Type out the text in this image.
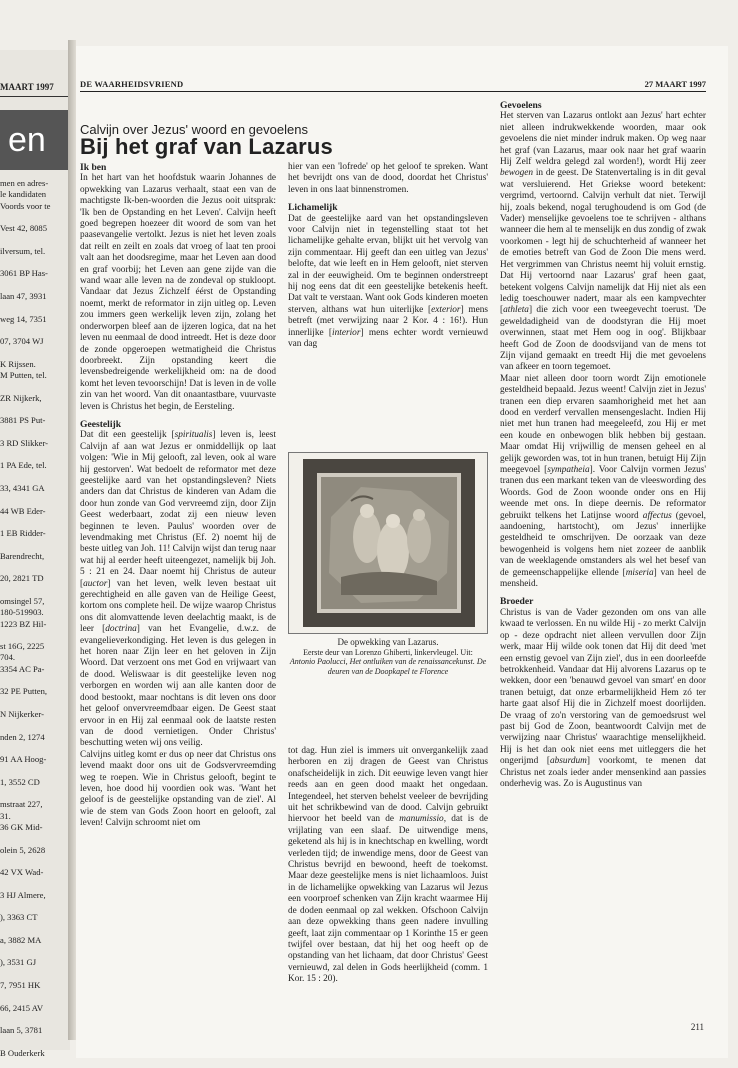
MAART 1997
en
men en adres-
le kandidaten
Voords voor te

Vest 42, 8085

ilversum, tel.

3061 BP Has-

laan 47, 3931

weg 14, 7351

07, 3704 WJ

K Rijssen.
M Putten, tel.

ZR Nijkerk,

3881 PS Put-

3 RD Slikker-

1 PA Ede, tel.

33, 4341 GA

44 WB Eder-

1 EB Ridder-

Barendrecht,

20, 2821 TD

omsingel 57,
180-519903.
1223 BZ Hil-

st 16G, 2225
704.
3354 AC Pa-

32 PE Putten,

N Nijkerker-

nden 2, 1274

91 AA Hoog-

1, 3552 CD

mstraat 227,
31.
36 GK Mid-

olein 5, 2628

42 VX Wad-

3 HJ Almere,

), 3363 CT

a, 3882 MA

), 3531 GJ

7, 7951 HK

66, 2415 AV

laan 5, 3781

B Ouderkerk
DE WAARHEIDSVRIEND	27 MAART 1997
Calvijn over Jezus' woord en gevoelens
Bij het graf van Lazarus
Ik ben

In het hart van het hoofdstuk waarin Johannes de opwekking van Lazarus verhaalt, staat een van de machtigste Ik-ben-woorden die Jezus ooit uitsprak: 'Ik ben de Opstanding en het Leven'. Calvijn heeft goed begrepen hoezeer dit woord de som van het paasevangelie vertolkt. Jezus is niet het leven zoals dat reilt en zeilt en zoals dat vroeg of laat ten prooi valt aan het doodsregime, maar het Leven aan dood en graf voorbij; het Leven aan gene zijde van die wand waar alle leven na de zondeval op stukloopt. Vandaar dat Jezus Zichzelf éérst de Opstanding noemt, merkt de reformator in zijn uitleg op. Leven zou immers geen werkelijk leven zijn, zolang het onderworpen bleef aan de ijzeren logica, dat na het leven nu eenmaal de dood intreedt. Het is deze door de zonde opgeroepen wetmatigheid die Christus doorbreekt. Zijn opstanding keert die levensbedreigende werkelijkheid om: na de dood komt het leven tevoorschijn! Dat is leven in de volle zin van het woord. Van dit onaantastbare, vuurvaste leven is Christus het begin, de Eersteling.

Geestelijk

Dat dit een geestelijk [spiritualis] leven is, leest Calvijn af aan wat Jezus er onmiddellijk op laat volgen: 'Wie in Mij gelooft, zal leven, ook al ware hij gestorven'. Wat bedoelt de reformator met deze geestelijke aard van het opstandingsleven? Niets anders dan dat Christus de kinderen van Adam die door hun zonde van God vervreemd zijn, door Zijn Geest wederbaart, zodat zij een nieuw leven beginnen te leven. Paulus' woorden over de levendmaking met Christus (Ef. 2) noemt hij de beste uitleg van Joh. 11! Calvijn wijst dan terug naar wat hij al eerder heeft uiteengezet, namelijk bij Joh. 5 : 21 en 24. Daar noemt hij Christus de auteur [auctor] van het leven, welk leven bestaat uit gerechtigheid en alle gaven van de Heilige Geest, kortom ons complete heil. De wijze waarop Christus ons dit alomvattende leven deelachtig maakt, is de leer [doctrina] van het Evangelie, d.w.z. de evangelieverkondiging. Het leven is dus gelegen in het horen naar Zijn leer en het geloven in Zijn Woord. Dat verzoent ons met God en vrijwaart van de dood. Weliswaar is dit geestelijke leven nog verborgen en worden wij aan alle kanten door de dood bestookt, maar nochtans is dit leven ons door het geloof onvervreemdbaar eigen. De Geest staat ervoor in en Hij zal eenmaal ook de laatste resten van de dood vernietigen. Onder Christus' beschutting weten wij ons veilig.

Calvijns uitleg komt er dus op neer dat Christus ons levend maakt door ons uit de Godsvervreemding weg te roepen. Wie in Christus gelooft, begint te leven, hoe dood hij voordien ook was. 'Want het geloof is de geestelijke opstanding van de ziel'. Al wie de stem van Gods Zoon hoort en gelooft, zal leven! Calvijn schroomt niet om

hier van een 'lofrede' op het geloof te spreken. Want het bevrijdt ons van de dood, doordat het Christus' leven in ons laat binnenstromen.

Lichamelijk

Dat de geestelijke aard van het opstandingsleven voor Calvijn niet in tegenstelling staat tot het lichamelijke gehalte ervan, blijkt uit het vervolg van zijn commentaar. Hij geeft dan een uitleg van Jezus' belofte, dat wie leeft en in Hem gelooft, niet sterven zal in der eeuwigheid. Om te beginnen onderstreept hij nog eens dat dit een geestelijke betekenis heeft. Dat valt te verstaan. Want ook Gods kinderen moeten sterven, althans wat hun uiterlijke [exterior] mens betreft (met verwijzing naar 2 Kor. 4 : 16!). Hun innerlijke [interior] mens echter wordt vernieuwd van dag

De opwekking van Lazarus.
Eerste deur van Lorenzo Ghiberti, linkervleugel. Uit:
Antonio Paolucci, Het ontluiken van de renaissancekunst. De deuren van de Doopkapel te Florence

tot dag. Hun ziel is immers uit onvergankelijk zaad herboren en zij dragen de Geest van Christus onafscheidelijk in zich. Dit eeuwige leven vangt hier reeds aan en geen dood maakt het ongedaan. Integendeel, het sterven behelst veeleer de bevrijding uit het schrikbewind van de dood. Calvijn gebruikt hiervoor het beeld van de manumissio, dat is de vrijlating van een slaaf. De uitwendige mens, geketend als hij is in knechtschap en kwelling, wordt verleden tijd; de inwendige mens, door de Geest van Christus bevrijd en bewoond, heeft de toekomst. Maar deze geestelijke mens is niet lichaamloos. Juist in de lichamelijke opwekking van Lazarus wil Jezus een voorproef schenken van Zijn kracht waarmee Hij de doden eenmaal op zal wekken. Ofschoon Calvijn aan deze opwekking thans geen nadere invulling geeft, laat zijn commentaar op 1 Korinthe 15 er geen twijfel over bestaan, dat hij het oog heeft op de opstanding van het lichaam, dat door Christus' Geest vernieuwd, zal delen in Gods heerlijkheid (comm. 1 Kor. 15 : 20).

Gevoelens

Het sterven van Lazarus ontlokt aan Jezus' hart echter niet alleen indrukwekkende woorden, maar ook gevoelens die niet minder indruk maken. Op weg naar het graf (van Lazarus, maar ook naar het graf waarin Hij Zelf weldra gelegd zal worden!), wordt Hij zeer bewogen in de geest. De Statenvertaling is in dit geval wat versluierend. Het Griekse woord betekent: vergrimd, vertoornd. Calvijn verhult dat niet. Terwijl hij, zoals bekend, nogal terughoudend is om God (de Vader) menselijke gevoelens toe te schrijven - althans wanneer die hem al te menselijk en dus zondig of zwak voorkomen - legt hij de schuchterheid af wanneer het de emoties betreft van God de Zoon Die mens werd. Het vergrimmen van Christus neemt hij voluit ernstig. Dat Hij vertoornd naar Lazarus' graf heen gaat, betekent volgens Calvijn namelijk dat Hij niet als een ledig toeschouwer nadert, maar als een kampvechter [athleta] die zich voor een tweegevecht toerust. 'De geweldadigheid van de doodstyran die Hij moet overwinnen, staat met Hem oog in oog'. Blijkbaar heeft God de Zoon de doodsvijand van de mens tot Zijn vijand gemaakt en treedt Hij die met gevoelens van afkeer en toorn tegemoet.

Maar niet alleen door toorn wordt Zijn emotionele gesteldheid bepaald. Jezus weent! Calvijn ziet in Jezus' tranen een diep ervaren saamhorigheid met het aan dood en verderf vervallen mensengeslacht. Indien Hij niet met hun tranen had meegeleefd, zou Hij er met een koude en onbewogen blik hebben bij gestaan. Maar omdat Hij vrijwillig de mensen geheel en al gelijk geworden was, tot in hun tranen, betuigt Hij Zijn meegevoel [sympatheia]. Voor Calvijn vormen Jezus' tranen dus een markant teken van de vleeswording des Woords. God de Zoon woonde onder ons en Hij weende met ons. In diepe deernis. De reformator gebruikt telkens het Latijnse woord affectus (gevoel, aandoening, hartstocht), om Jezus' innerlijke gesteldheid te omschrijven. De oorzaak van deze bewogenheid is volgens hem niet zozeer de aanblik van de weeklagende omstanders als wel het besef van de gemeenschappelijke ellende [miseria] van heel de mensheid.

Broeder

Christus is van de Vader gezonden om ons van alle kwaad te verlossen. En nu wilde Hij - zo merkt Calvijn op - deze opdracht niet alleen vervullen door Zijn werk, maar Hij wilde ook tonen dat Hij dit deed 'met een ernstig gevoel van Zijn ziel', dus in een doorleefde betrokkenheid. Vandaar dat Hij alvorens Lazarus op te wekken, door een 'benauwd gevoel van smart' en door tranen betuigt, dat onze erbarmelijkheid Hem zó ter harte gaat alsof Hij die in Zichzelf moest doorlijden. De vraag of zo'n verstoring van de gemoedsrust wel past bij God de Zoon, beantwoordt Calvijn met de verwijzing naar Christus' waarachtige menselijkheid. Hij is het dan ook niet eens met uitleggers die het ongerijmd [absurdum] voorkomt, te menen dat Christus net zoals ieder ander mensenkind aan passies onderhevig was. Zo is Augustinus van

211
